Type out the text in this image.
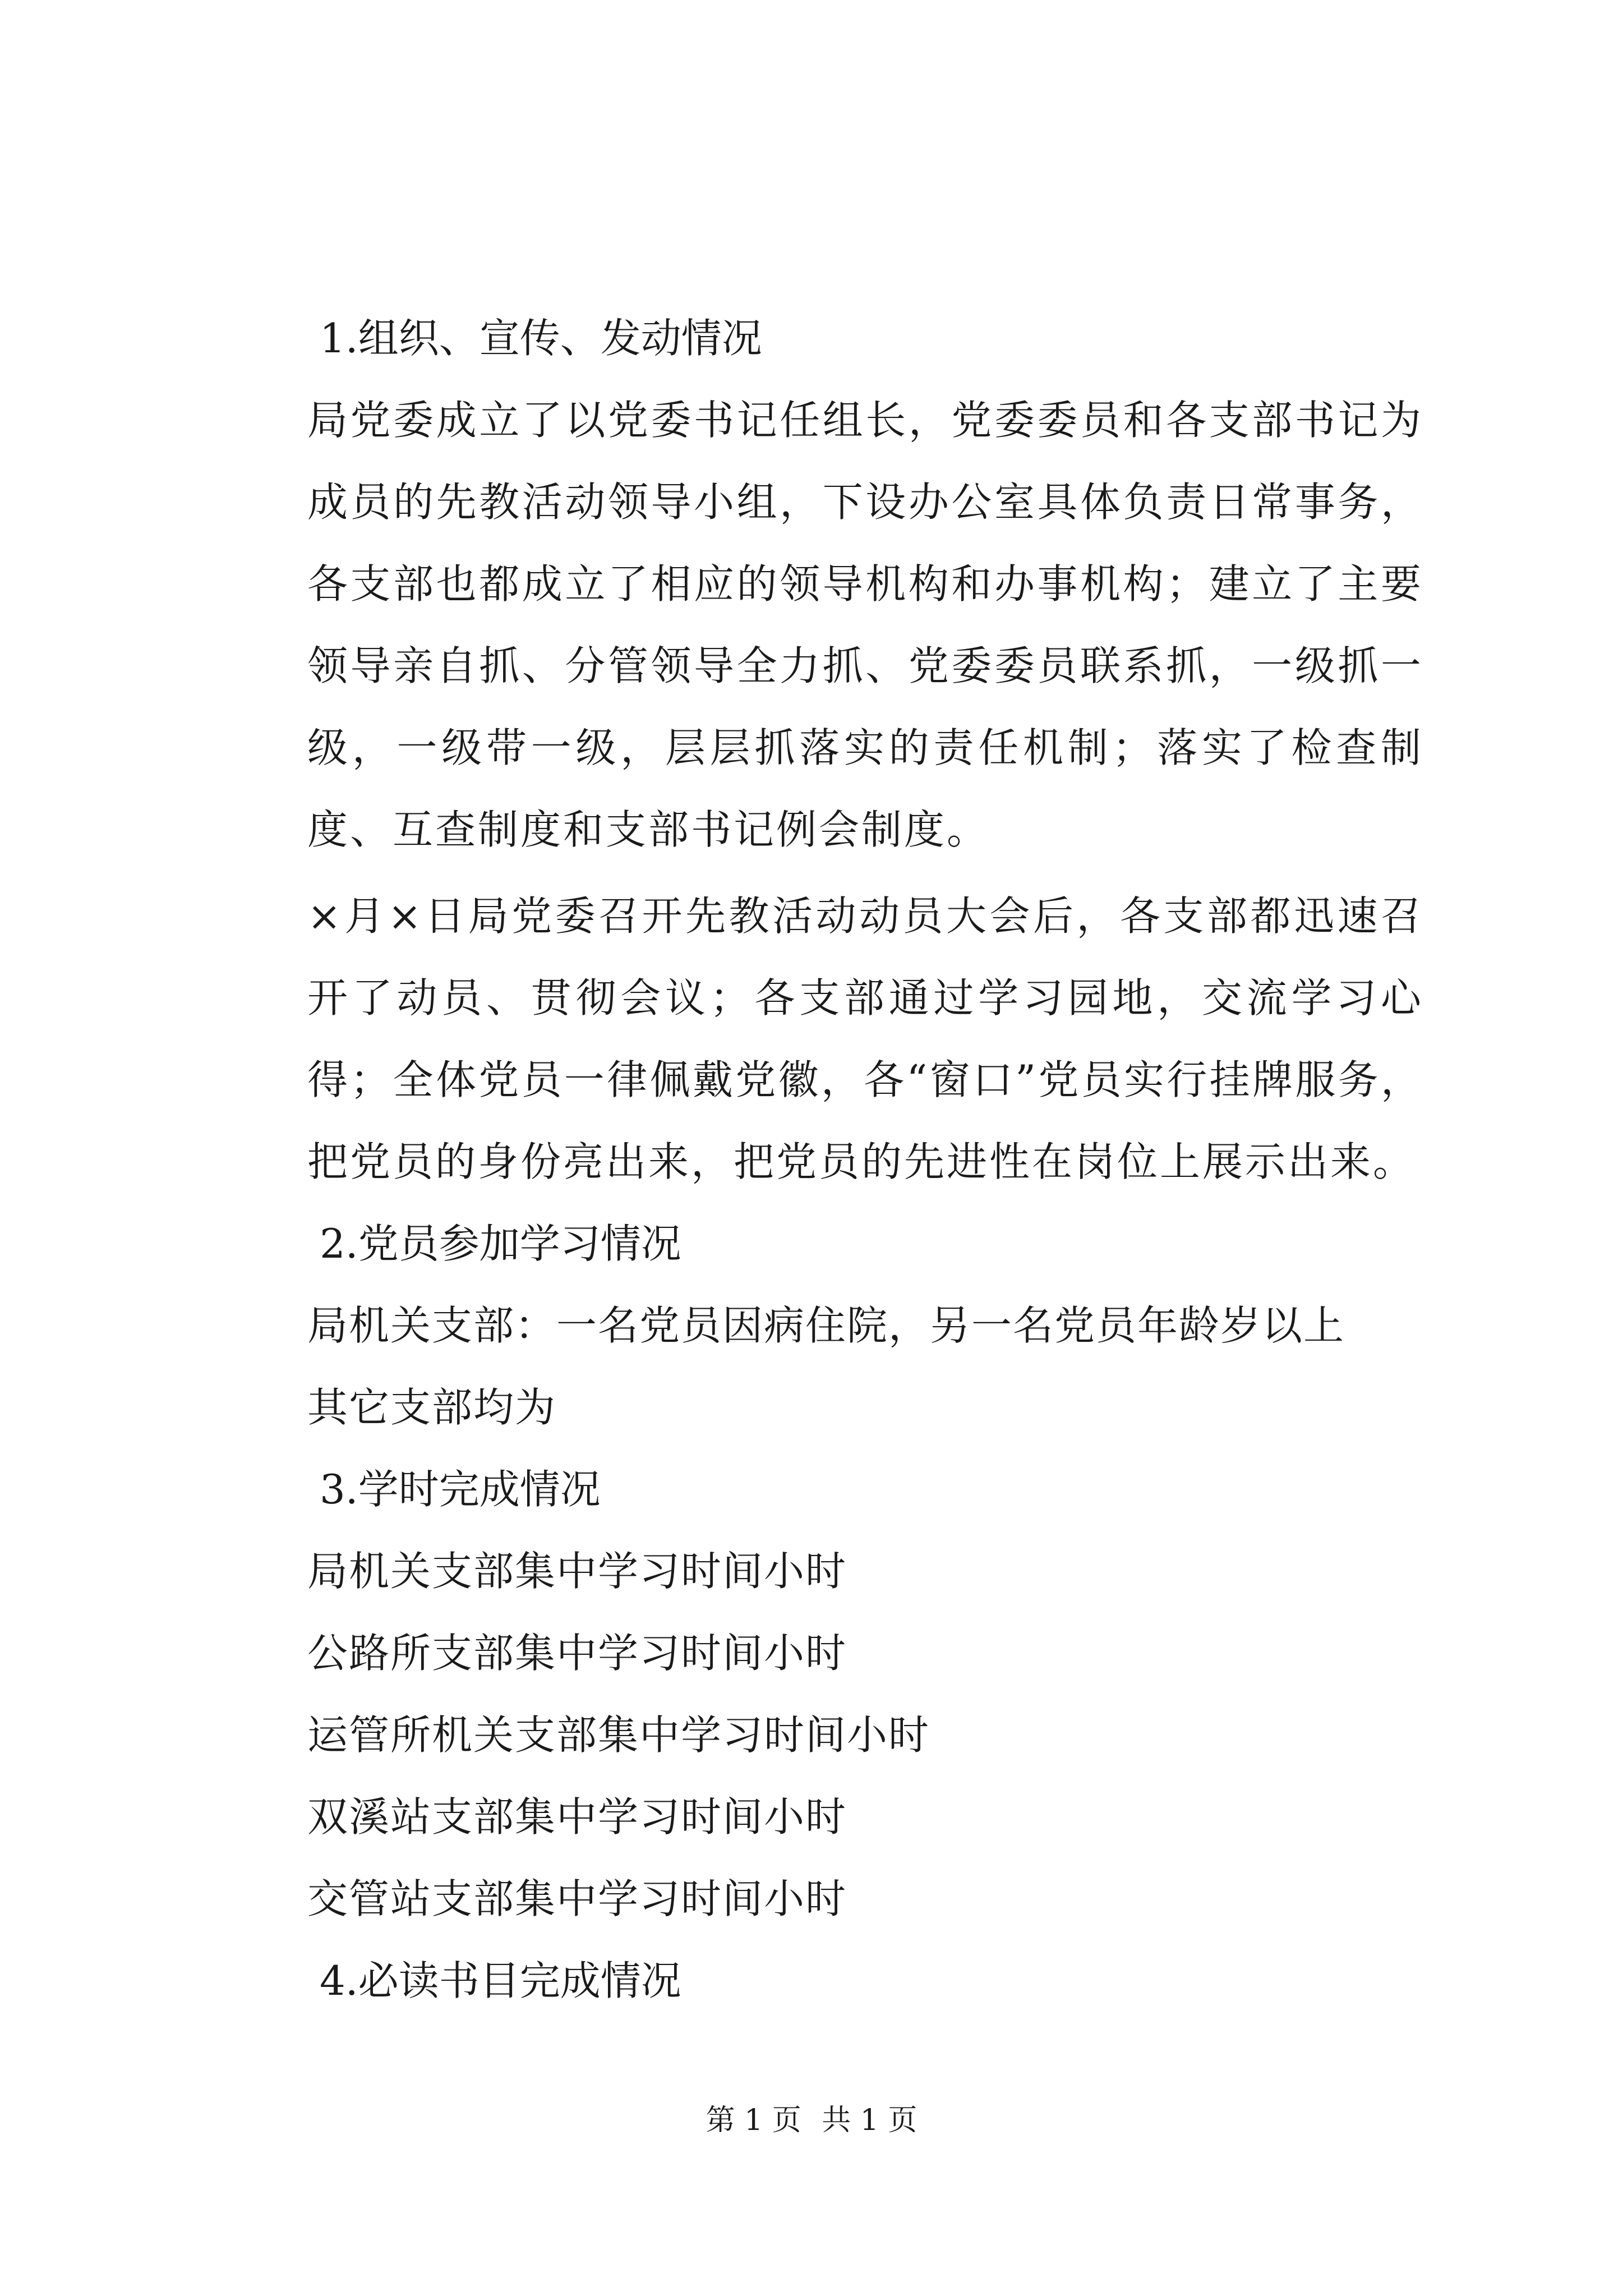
1.组织、宣传、发动情况

局党委成立了以党委书记任组长，党委委员和各支部书记为成员的先教活动领导小组，下设办公室具体负责日常事务，各支部也都成立了相应的领导机构和办事机构；建立了主要领导亲自抓、分管领导全力抓、党委委员联系抓，一级抓一级，一级带一级，层层抓落实的责任机制；落实了检查制度、互查制度和支部书记例会制度。

×月×日局党委召开先教活动动员大会后，各支部都迅速召开了动员、贯彻会议；各支部通过学习园地，交流学习心得；全体党员一律佩戴党徽，各“窗口”党员实行挂牌服务，把党员的身份亮出来，把党员的先进性在岗位上展示出来。

2.党员参加学习情况

局机关支部：一名党员因病住院，另一名党员年龄岁以上

其它支部均为

3.学时完成情况

局机关支部集中学习时间小时

公路所支部集中学习时间小时

运管所机关支部集中学习时间小时

双溪站支部集中学习时间小时

交管站支部集中学习时间小时

4.必读书目完成情况

第 1 页 共 1 页
